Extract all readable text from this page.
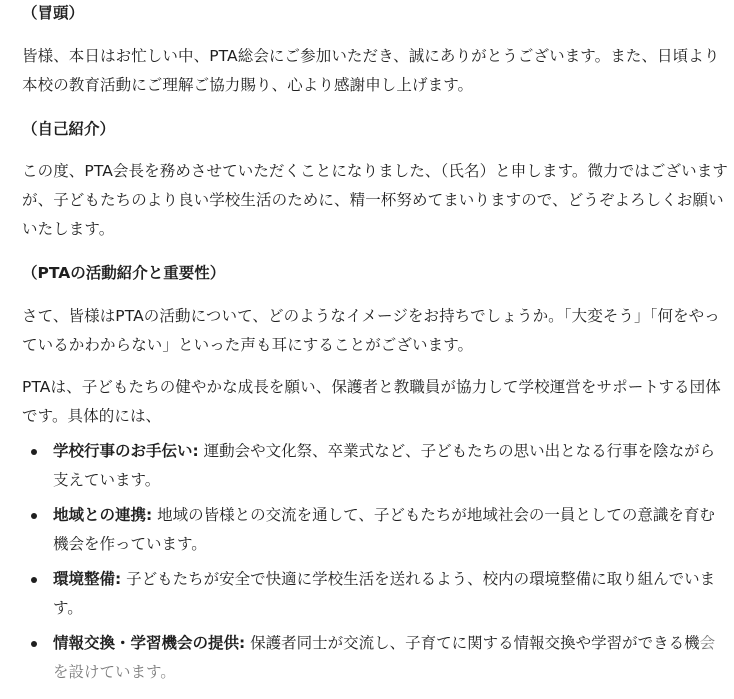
（冒頭）

皆様、本日はお忙しい中、PTA総会にご参加いただき、誠にありがとうございます。また、日頃より本校の教育活動にご理解ご協力賜り、心より感謝申し上げます。

（自己紹介）

この度、PTA会長を務めさせていただくことになりました、（氏名）と申します。微力ではございますが、子どもたちのより良い学校生活のために、精一杯努めてまいりますので、どうぞよろしくお願いいたします。

（PTAの活動紹介と重要性）

さて、皆様はPTAの活動について、どのようなイメージをお持ちでしょうか。「大変そう」「何をやっているかわからない」といった声も耳にすることがございます。

PTAは、子どもたちの健やかな成長を願い、保護者と教職員が協力して学校運営をサポートする団体です。具体的には、

学校行事のお手伝い: 運動会や文化祭、卒業式など、子どもたちの思い出となる行事を陰ながら支えています。
地域との連携: 地域の皆様との交流を通して、子どもたちが地域社会の一員としての意識を育む機会を作っています。
環境整備: 子どもたちが安全で快適に学校生活を送れるよう、校内の環境整備に取り組んでいます。
情報交換・学習機会の提供: 保護者同士が交流し、子育てに関する情報交換や学習ができる機会を設けています。
